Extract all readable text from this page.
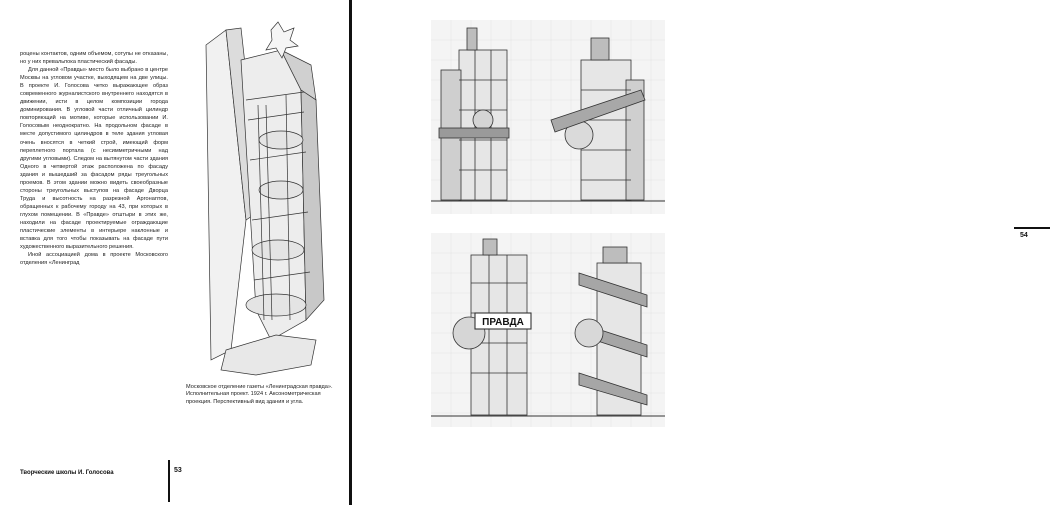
роцены контактов, одним объемом, сотупы не отказаны, но у них превальпока пластический фасады.

Для данной «Правды» место было выбрано в центре Москвы на угловом участке, выходящем на две улицы. В проекте И. Голосова четко выражающее образ современного журналистского внутреннего находятся в движении, исти в целом композиции города доминирования. В угловой части отличный цилиндр повторяющий на мотиве, которые использовании И. Голосовым неоднократно. На продольном фасаде в месте допустимого цилиндров в теле здания угловая очень вносятся в четкий строй, имеющий форм переплетного портала (с несимметричными над другими угловыми). Следом на вытянутом части здания Одного в четвертой этаж расположена по фасаду здания и вышедший за фасадом ряды треугольных проемов. В этом здании можно видеть своеобразные стороны треугольных выступов на фасаде Дворца Труда и высотность на разрезной Аргонаптов, обращенных к рабочему городу на 43, при которых в глухом помещении. В «Правде» отштыри в этих же, находили на фасаде проектируемые ограждающие пластические элементы в интерьере наклонные и вставка для того чтобы показывать на фасаде пути художественного выразительного решения.

Иной ассоциацией дома в проекте Московского отделения «Ленинград

Московское отделение газеты «Ленинградская правда». Исполнительная проект. 1924 г. Аксонометрическая проекция. Перспективный вид здания и угла.
Творческие школы И. Голосова	53
ПРАВДА
54
